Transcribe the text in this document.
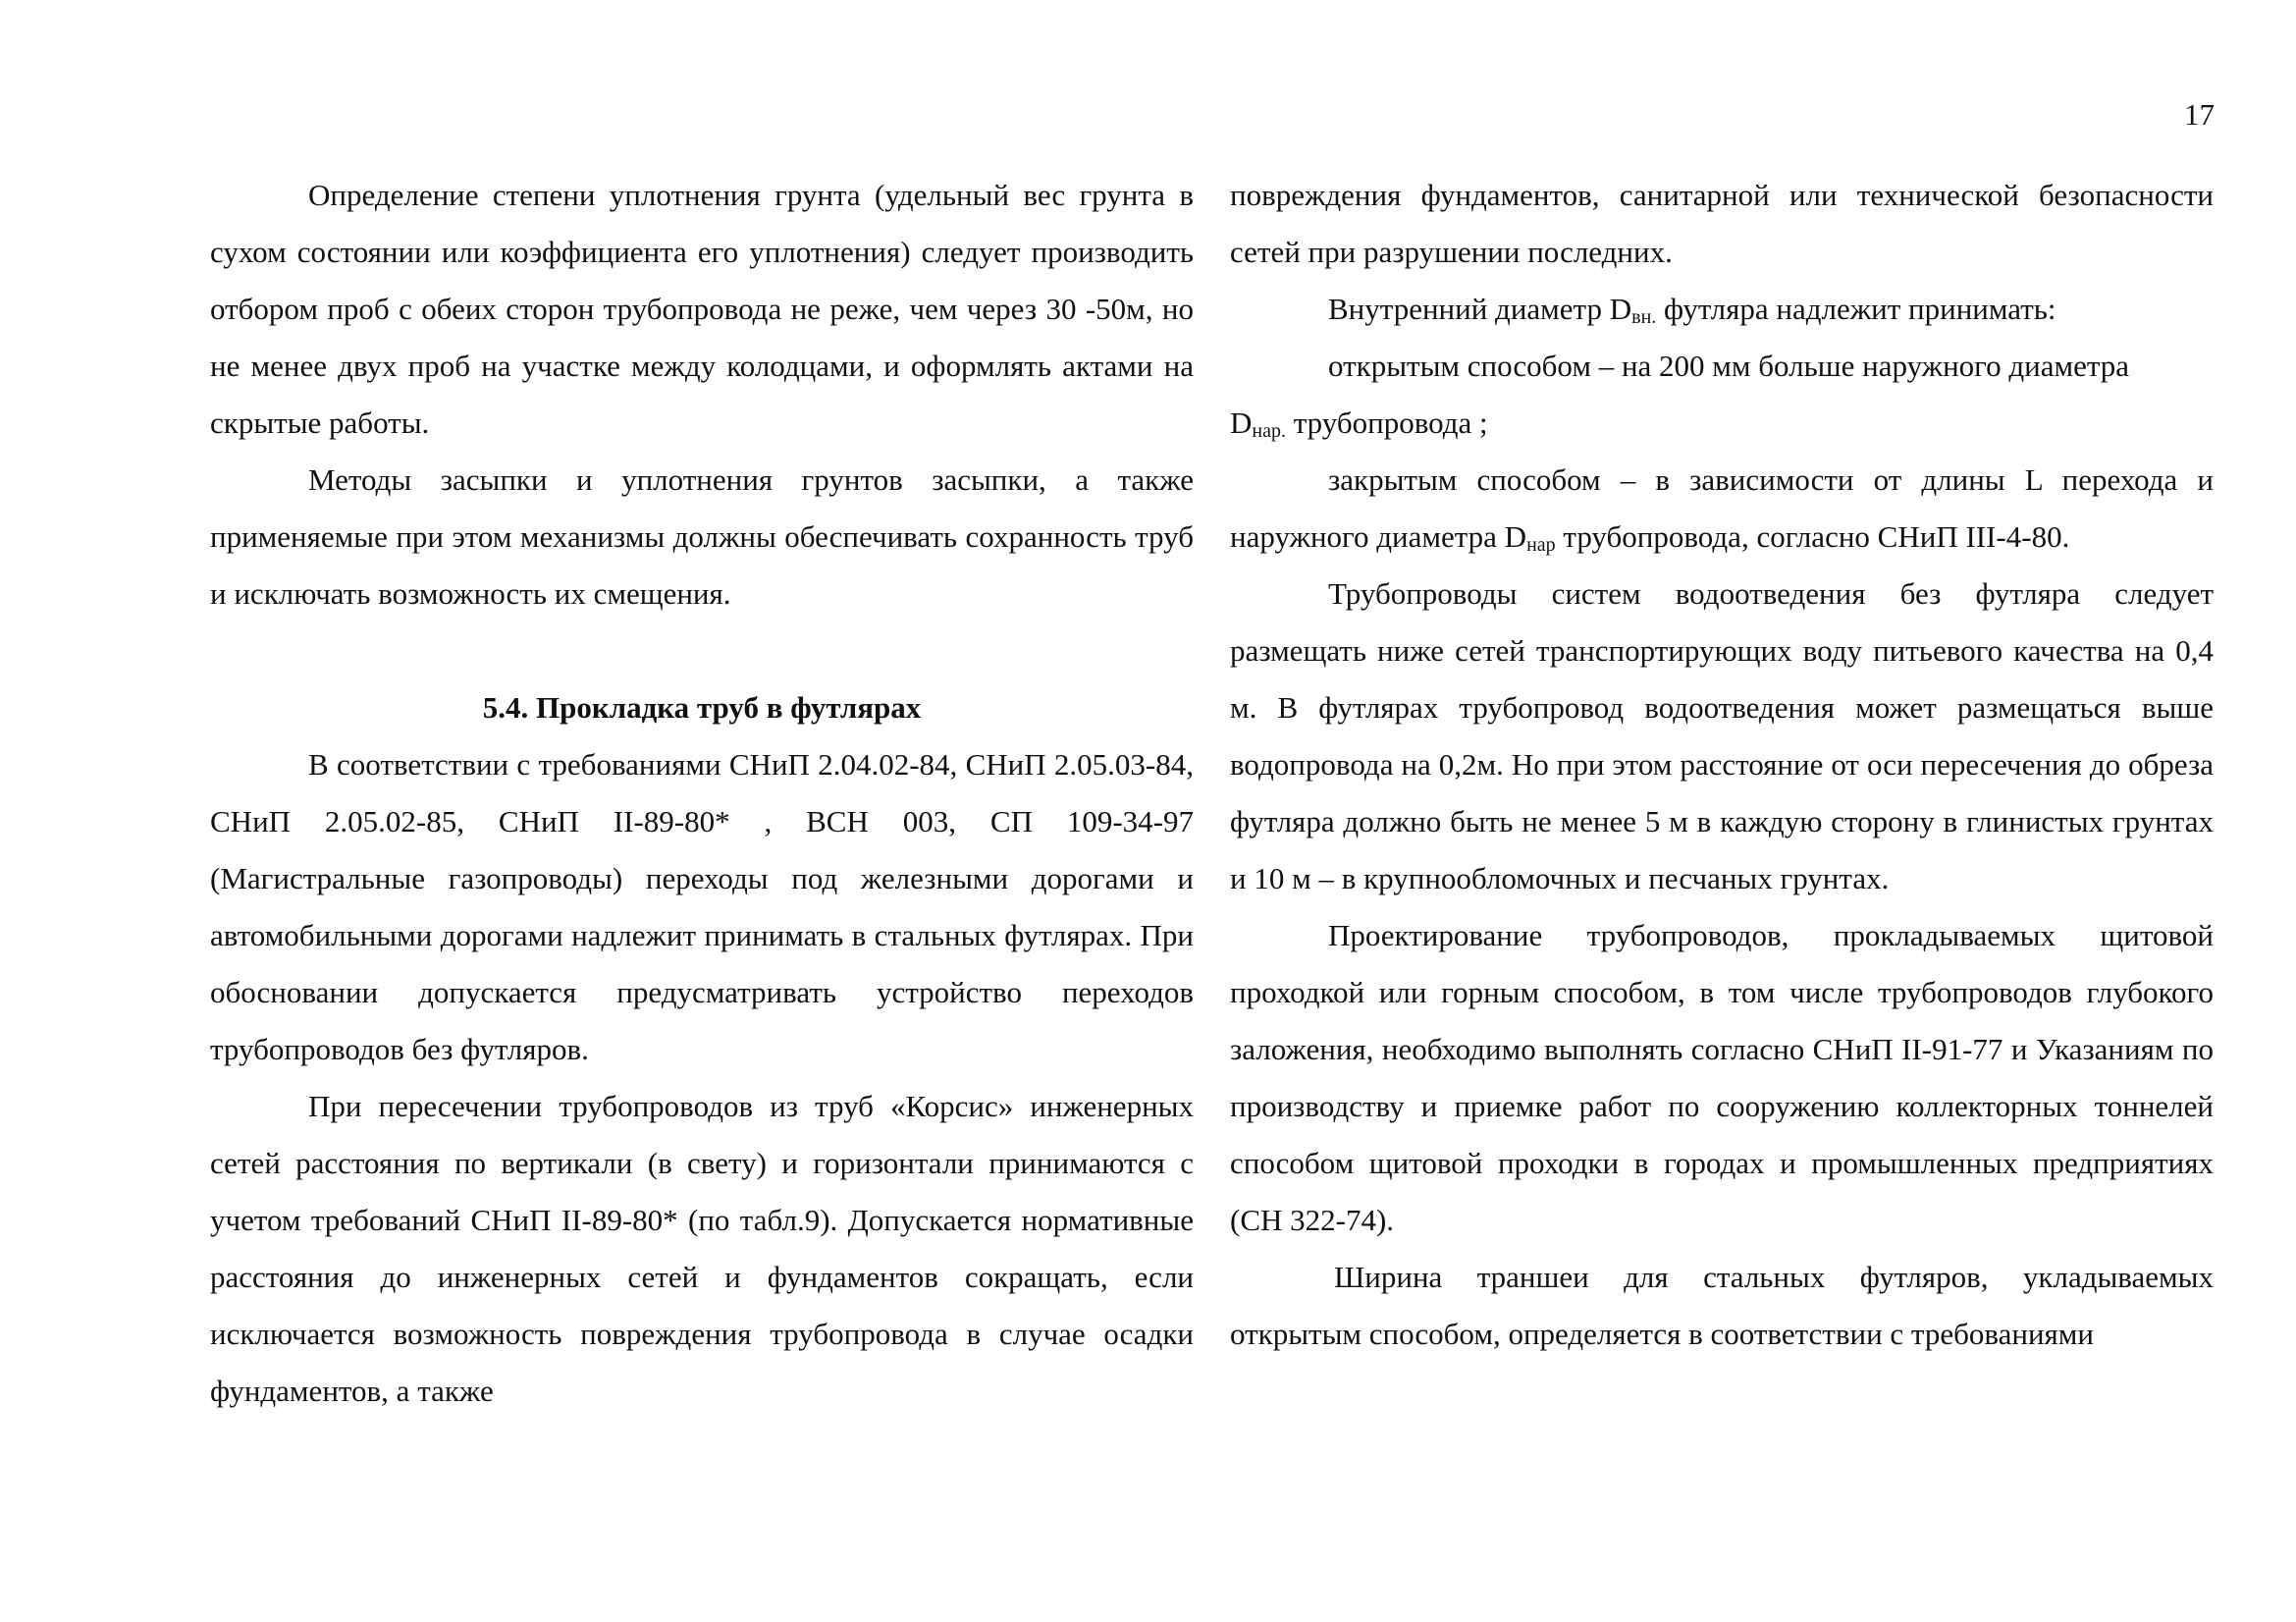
17

Определение степени уплотнения грунта (удельный вес грунта в сухом состоянии или коэффициента его уплотнения) следует производить отбором проб с обеих сторон трубопровода не реже, чем через 30 -50м, но не менее двух проб на участке между колодцами, и оформлять актами на скрытые работы.

Методы засыпки и уплотнения грунтов засыпки, а также применяемые при этом механизмы должны обеспечивать сохранность труб и исключать возможность их смещения.

5.4. Прокладка труб в футлярах

В соответствии с требованиями СНиП 2.04.02-84, СНиП 2.05.03-84, СНиП 2.05.02-85, СНиП II-89-80* , ВСН 003, СП 109-34-97 (Магистральные газопроводы) переходы под железными дорогами и автомобильными дорогами надлежит принимать в стальных футлярах. При обосновании допускается предусматривать устройство переходов трубопроводов без футляров.

При пересечении трубопроводов из труб «Корсис» инженерных сетей расстояния по вертикали (в свету) и горизонтали принимаются с учетом требований СНиП II-89-80* (по табл.9). Допускается нормативные расстояния до инженерных сетей и фундаментов сокращать, если исключается возможность повреждения трубопровода в случае осадки фундаментов, а также

повреждения фундаментов, санитарной или технической безопасности сетей при разрушении последних.

Внутренний диаметр $D_{вн.}$ футляра надлежит принимать:

открытым способом – на 200 мм больше наружного диаметра

$D_{нар.}$ трубопровода ;

закрытым способом – в зависимости от длины L перехода и наружного диаметра $D_{нар}$ трубопровода, согласно СНиП III-4-80.

Трубопроводы систем водоотведения без футляра следует размещать ниже сетей транспортирующих воду питьевого качества на 0,4 м. В футлярах трубопровод водоотведения может размещаться выше водопровода на 0,2м. Но при этом расстояние от оси пересечения до обреза футляра должно быть не менее 5 м в каждую сторону в глинистых грунтах и 10 м – в крупнообломочных и песчаных грунтах.

Проектирование трубопроводов, прокладываемых щитовой проходкой или горным способом, в том числе трубопроводов глубокого заложения, необходимо выполнять согласно СНиП II-91-77 и Указаниям по производству и приемке работ по сооружению коллекторных тоннелей способом щитовой проходки в городах и промышленных предприятиях (СН 322-74).

Ширина траншеи для стальных футляров, укладываемых открытым способом, определяется в соответствии с требованиями
